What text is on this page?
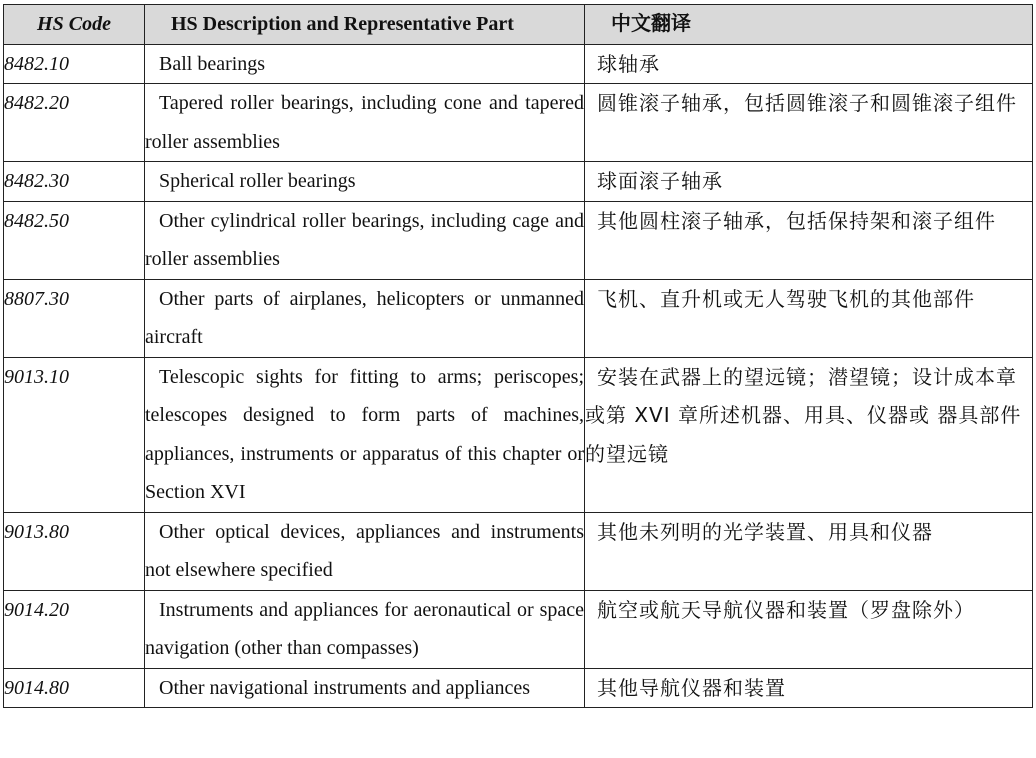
HS Code	HS Description and Representative Part	中文翻译
8482.10	Ball bearings	球轴承
8482.20	Tapered roller bearings, including cone and tapered roller assemblies	圆锥滚子轴承，包括圆锥滚子和圆锥滚子组件
8482.30	Spherical roller bearings	球面滚子轴承
8482.50	Other cylindrical roller bearings, including cage and roller assemblies	其他圆柱滚子轴承，包括保持架和滚子组件
8807.30	Other parts of airplanes, helicopters or unmanned aircraft	飞机、直升机或无人驾驶飞机的其他部件
9013.10	Telescopic sights for fitting to arms; periscopes; telescopes designed to form parts of machines, appliances, instruments or apparatus of this chapter or Section XVI	安装在武器上的望远镜；潜望镜；设计成本章或第 XVI 章所述机器、用具、仪器或 器具部件的望远镜
9013.80	Other optical devices, appliances and instruments not elsewhere specified	其他未列明的光学装置、用具和仪器
9014.20	Instruments and appliances for aeronautical or space navigation (other than compasses)	航空或航天导航仪器和装置（罗盘除外）
9014.80	Other navigational instruments and appliances	其他导航仪器和装置
